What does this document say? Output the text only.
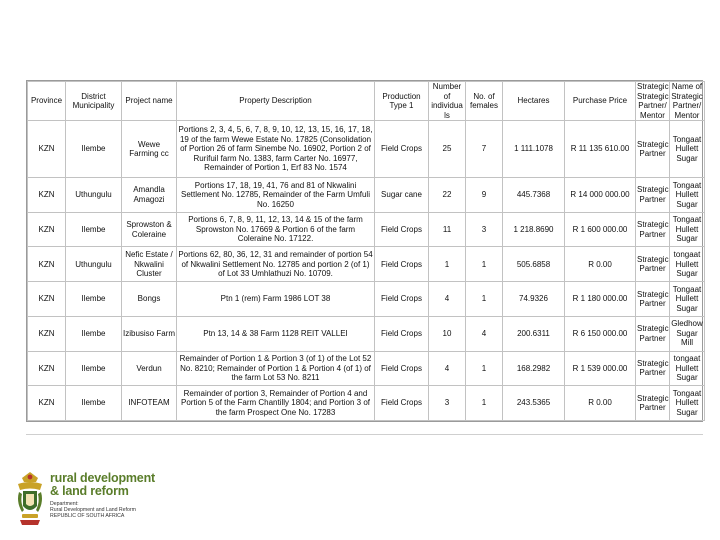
Province	District Municipality	Project name	Property Description	Production Type 1	Number of individua ls	No. of females	Hectares	Purchase Price	Strategic Strategic Partner/ Mentor	Name of Strategic Partner/ Mentor
KZN	Ilembe	Wewe Farming cc	Portions 2, 3, 4, 5, 6, 7, 8, 9, 10, 12, 13, 15, 16, 17, 18, 19 of the farm Wewe Estate No. 17825 (Consolidation of Portion 26 of farm Sinembe No. 16902, Portion 2 of Rurifuil farm No. 1383, farm Carter No. 16977, Remainder of Portion 1, Erf 83 No. 1574	Field Crops	25	7	1 111.1078	R 11 135 610.00	Strategic Partner	Tongaat Hullett Sugar
KZN	Uthungulu	Amandla Amagozi	Portions 17, 18, 19, 41, 76 and 81 of Nkwalini Settlement No. 12785, Remainder of the Farm Umfuli No. 16250	Sugar cane	22	9	445.7368	R 14 000 000.00	Strategic Partner	Tongaat Hullett Sugar
KZN	Ilembe	Sprowston & Coleraine	Portions 6, 7, 8, 9, 11, 12, 13, 14 & 15 of the farm Sprowston No. 17669 & Portion 6 of the farm Coleraine No. 17122.	Field Crops	11	3	1 218.8690	R 1 600 000.00	Strategic Partner	Tongaat Hullett Sugar
KZN	Uthungulu	Nefic Estate / Nkwalini Cluster	Portions 62, 80, 36, 12, 31 and remainder of portion 54 of Nkwalini Settlement No. 12785 and portion 2 (of 1) of Lot 33 Umhlathuzi No. 10709.	Field Crops	1	1	505.6858	R 0.00	Strategic Partner	tongaat Hullett Sugar
KZN	Ilembe	Bongs	Ptn 1 (rem) Farm 1986 LOT 38	Field Crops	4	1	74.9326	R 1 180 000.00	Strategic Partner	Tongaat Hullett Sugar
KZN	Ilembe	Izibusiso Farm	Ptn 13, 14 & 38 Farm 1128 REIT VALLEI	Field Crops	10	4	200.6311	R 6 150 000.00	Strategic Partner	Gledhow Sugar Mill
KZN	Ilembe	Verdun	Remainder of Portion 1 & Portion 3 (of 1) of the Lot 52 No. 8210; Remainder of Portion 1 & Portion 4 (of 1) of the farm Lot 53 No. 8211	Field Crops	4	1	168.2982	R 1 539 000.00	Strategic Partner	tongaat Hullett Sugar
KZN	Ilembe	INFOTEAM	Remainder of portion 3, Remainder of Portion 4 and Portion 5 of the Farm Chantilly 1804; and Portion 3 of the farm Prospect One No. 17283	Field Crops	3	1	243.5365	R 0.00	Strategic Partner	Tongaat Hullett Sugar
rural development
& land reform
Department:
Rural Development and Land Reform
REPUBLIC OF SOUTH AFRICA
